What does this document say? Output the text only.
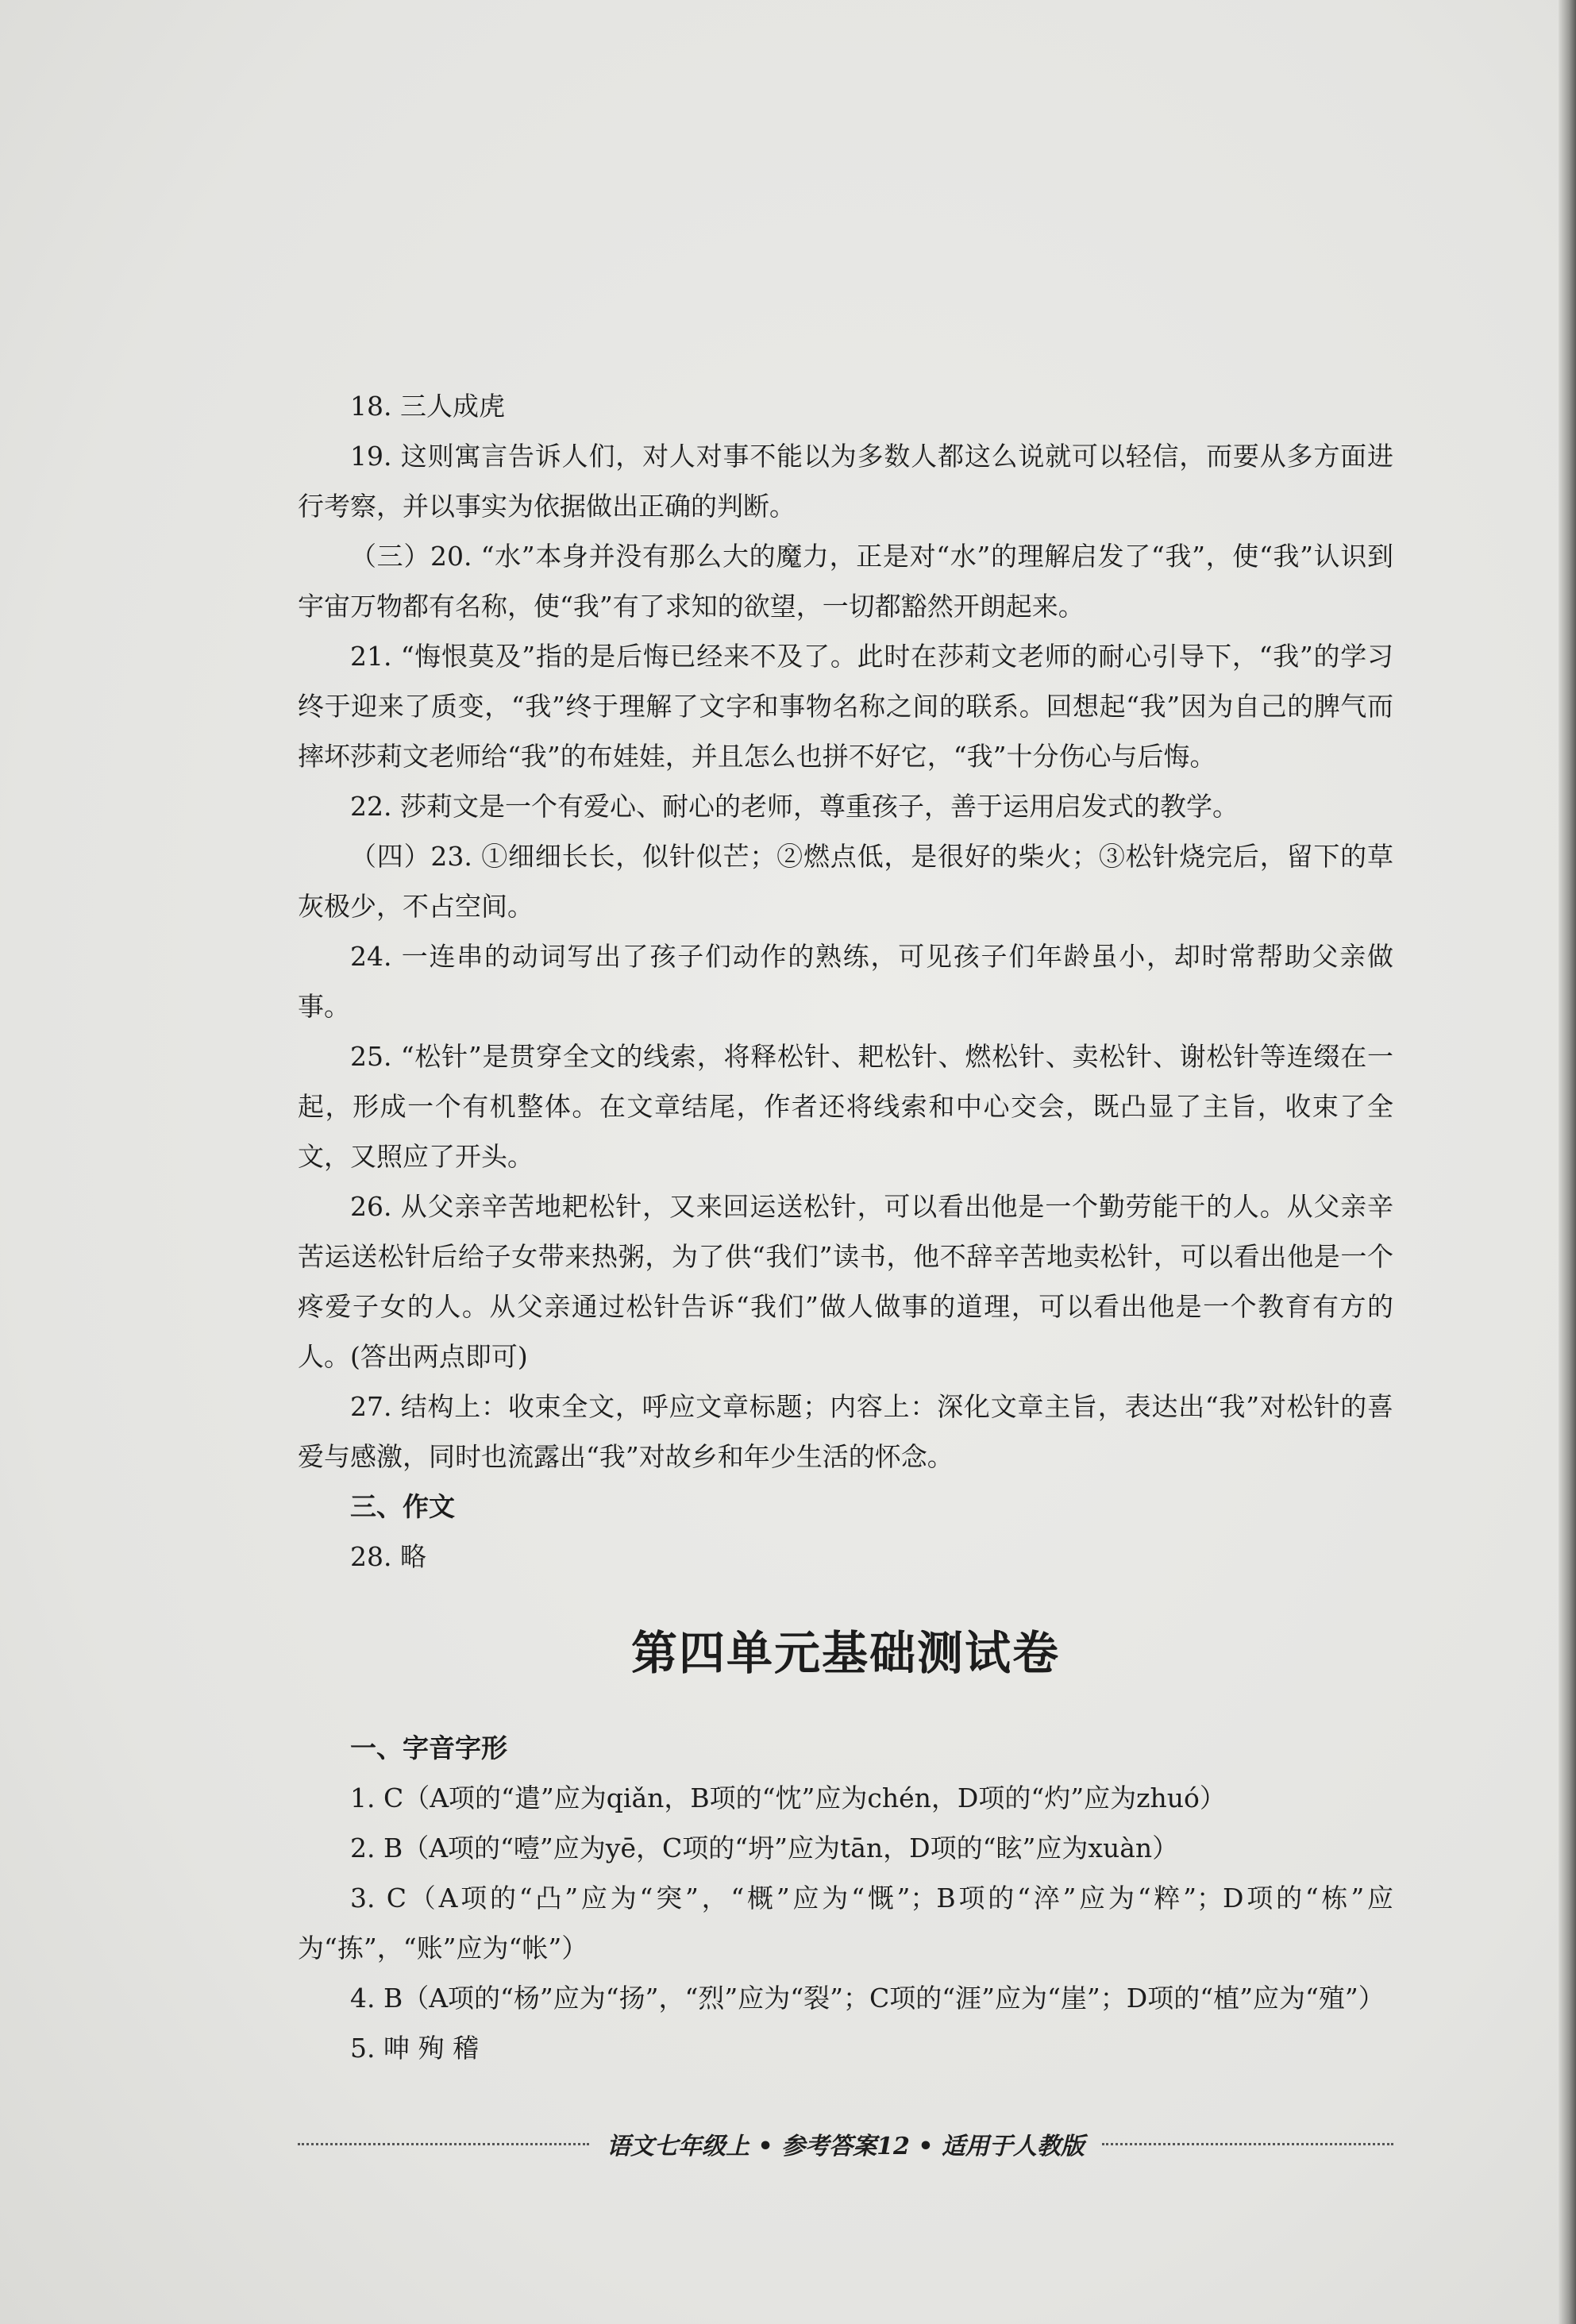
18. 三人成虎

19. 这则寓言告诉人们，对人对事不能以为多数人都这么说就可以轻信，而要从多方面进行考察，并以事实为依据做出正确的判断。

（三）20. “水”本身并没有那么大的魔力，正是对“水”的理解启发了“我”，使“我”认识到宇宙万物都有名称，使“我”有了求知的欲望，一切都豁然开朗起来。

21. “悔恨莫及”指的是后悔已经来不及了。此时在莎莉文老师的耐心引导下，“我”的学习终于迎来了质变，“我”终于理解了文字和事物名称之间的联系。回想起“我”因为自己的脾气而摔坏莎莉文老师给“我”的布娃娃，并且怎么也拼不好它，“我”十分伤心与后悔。

22. 莎莉文是一个有爱心、耐心的老师，尊重孩子，善于运用启发式的教学。

（四）23. ①细细长长，似针似芒；②燃点低，是很好的柴火；③松针烧完后，留下的草灰极少，不占空间。

24. 一连串的动词写出了孩子们动作的熟练，可见孩子们年龄虽小，却时常帮助父亲做事。

25. “松针”是贯穿全文的线索，将释松针、耙松针、燃松针、卖松针、谢松针等连缀在一起，形成一个有机整体。在文章结尾，作者还将线索和中心交会，既凸显了主旨，收束了全文，又照应了开头。

26. 从父亲辛苦地耙松针，又来回运送松针，可以看出他是一个勤劳能干的人。从父亲辛苦运送松针后给子女带来热粥，为了供“我们”读书，他不辞辛苦地卖松针，可以看出他是一个疼爱子女的人。从父亲通过松针告诉“我们”做人做事的道理，可以看出他是一个教育有方的人。(答出两点即可)

27. 结构上：收束全文，呼应文章标题；内容上：深化文章主旨，表达出“我”对松针的喜爱与感激，同时也流露出“我”对故乡和年少生活的怀念。

三、作文

28. 略

第四单元基础测试卷

一、字音字形

1. C（A项的“遣”应为qiǎn，B项的“忱”应为chén，D项的“灼”应为zhuó）

2. B（A项的“噎”应为yē，C项的“坍”应为tān，D项的“眩”应为xuàn）

3. C（A项的“凸”应为“突”，“概”应为“慨”；B项的“淬”应为“粹”；D项的“栋”应为“拣”，“账”应为“帐”）

4. B（A项的“杨”应为“扬”，“烈”应为“裂”；C项的“涯”应为“崖”；D项的“植”应为“殖”）

5. 呻 殉 稽

语文七年级上 • 参考答案12 • 适用于人教版
